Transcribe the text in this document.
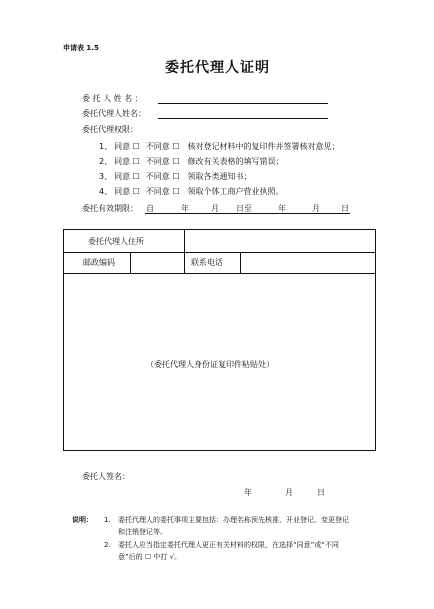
申请表 1.5
委托代理人证明
委 托 人 姓 名 ：
委托代理人姓名：
委托代理权限：
1、 同意 ☐ 不同意 ☐ 核对登记材料中的复印件并签署核对意见；
2、 同意 ☐ 不同意 ☐ 修改有关表格的填写错误；
3、 同意 ☐ 不同意 ☐ 领取各类通知书；
4、 同意 ☐ 不同意 ☐ 领取个体工商户营业执照。
委托有效期限： 自	年	月 日至	年	月	日
委托代理人住所
邮政编码	联系电话
（委托代理人身份证复印件粘贴处）
委托人签名：
年	月	日
说明： 1. 委托代理人的委托事项主要包括：办理名称预先核准、开业登记、变更登记
和注销登记等。
2. 委托人应当指定委托代理人更正有关材料的权限，在选择“同意”或“不同
意”后的 ☐ 中打 √。
